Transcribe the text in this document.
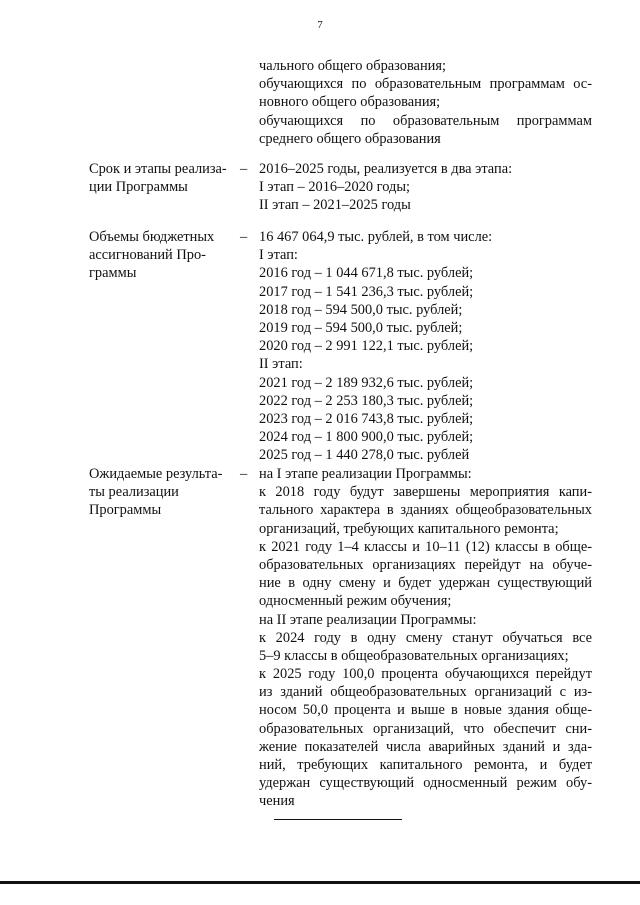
7
чального общего образования;
обучающихся по образовательным программам ос-
новного общего образования;
обучающихся по образовательным программам
среднего общего образования
Срок и этапы реализа-
ции Программы
– 2016–2025 годы, реализуется в два этапа:
I этап – 2016–2020 годы;
II этап – 2021–2025 годы
Объемы бюджетных
ассигнований Про-
граммы
– 16 467 064,9 тыс. рублей, в том числе:
I этап:
2016 год – 1 044 671,8 тыс. рублей;
2017 год – 1 541 236,3 тыс. рублей;
2018 год – 594 500,0 тыс. рублей;
2019 год – 594 500,0 тыс. рублей;
2020 год – 2 991 122,1 тыс. рублей;
II этап:
2021 год – 2 189 932,6 тыс. рублей;
2022 год – 2 253 180,3 тыс. рублей;
2023 год – 2 016 743,8 тыс. рублей;
2024 год – 1 800 900,0 тыс. рублей;
2025 год – 1 440 278,0 тыс. рублей
Ожидаемые результа-
ты реализации
Программы
– на I этапе реализации Программы:
к 2018 году будут завершены мероприятия капи-
тального характера в зданиях общеобразовательных
организаций, требующих капитального ремонта;
к 2021 году 1–4 классы и 10–11 (12) классы в обще-
образовательных организациях перейдут на обуче-
ние в одну смену и будет удержан существующий
односменный режим обучения;
на II этапе реализации Программы:
к 2024 году в одну смену станут обучаться все
5–9 классы в общеобразовательных организациях;
к 2025 году 100,0 процента обучающихся перейдут
из зданий общеобразовательных организаций с из-
носом 50,0 процента и выше в новые здания обще-
образовательных организаций, что обеспечит сни-
жение показателей числа аварийных зданий и зда-
ний, требующих капитального ремонта, и будет
удержан существующий односменный режим обу-
чения
